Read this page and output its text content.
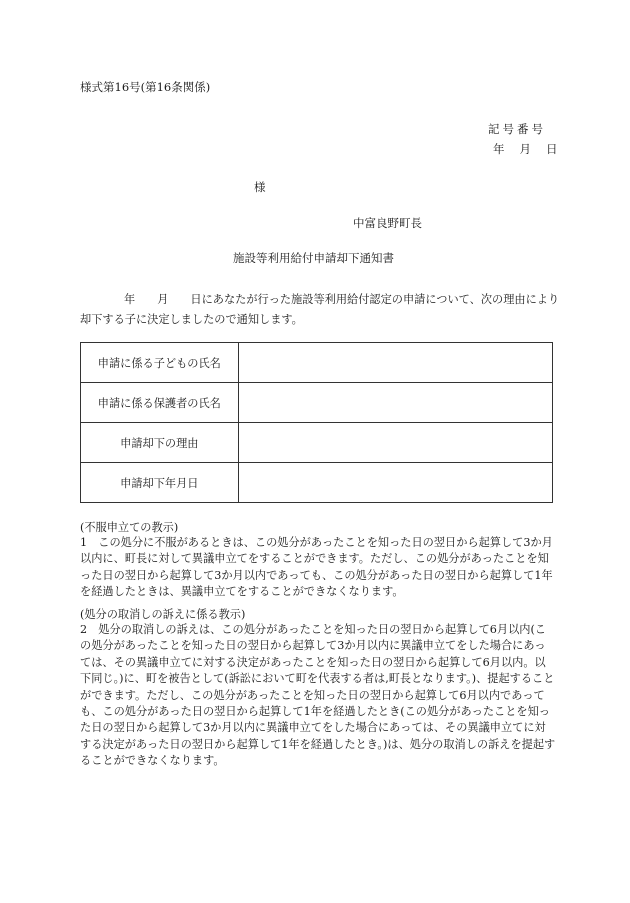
様式第16号(第16条関係)
記号番号
年 月 日
様
中富良野町長
施設等利用給付申請却下通知書
年 月 日にあなたが行った施設等利用給付認定の申請について、次の理由により却下する子に決定しましたので通知します。
申請に係る子どもの氏名	
申請に係る保護者の氏名	
申請却下の理由	
申請却下年月日	
(不服申立ての教示)
1　この処分に不服があるときは、この処分があったことを知った日の翌日から起算して3か月以内に、町長に対して異議申立てをすることができます。ただし、この処分があったことを知った日の翌日から起算して3か月以内であっても、この処分があった日の翌日から起算して1年を経過したときは、異議申立てをすることができなくなります。
(処分の取消しの訴えに係る教示)
2　処分の取消しの訴えは、この処分があったことを知った日の翌日から起算して6月以内(この処分があったことを知った日の翌日から起算して3か月以内に異議申立てをした場合にあっては、その異議申立てに対する決定があったことを知った日の翌日から起算して6月以内。以下同じ。)に、町を被告として(訴訟において町を代表する者は,町長となります。)、提起することができます。ただし、この処分があったことを知った日の翌日から起算して6月以内であっても、この処分があった日の翌日から起算して1年を経過したとき(この処分があったことを知った日の翌日から起算して3か月以内に異議申立てをした場合にあっては、その異議申立てに対する決定があった日の翌日から起算して1年を経過したとき。)は、処分の取消しの訴えを提起することができなくなります。
